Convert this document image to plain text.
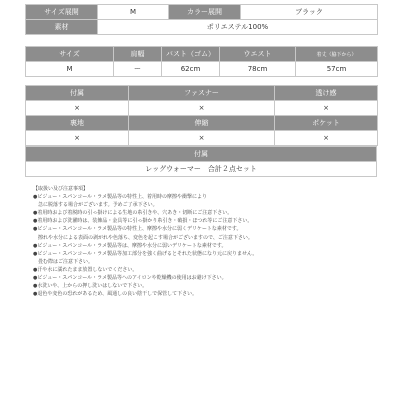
サイズ展開	M	カラー展開	ブラック
素材	ポリエステル100%		
サイズ	肩幅	バスト（ゴム）	ウエスト	着丈（脇下から）
M	ー	62cm	78cm	57cm
付属	ファスナー	透け感
×	×	×
裏地	伸縮	ポケット
×	×	×
付属
レッグウォーマー　合計２点セット
【取扱い及び注意事項】
●ビジュー・スパンコール・ラメ製品等の特性上、着用時の摩擦や衝撃により
　急に脱落する場合がございます。予めご了承下さい。
●着用時および着脱時の引っ掛けによる生地の糸引きや、穴あき・切断にご注意下さい。
●着用時および洗濯時は、装飾品・金具等に引っ掛かり糸引き・破損・ほつれ等にご注意下さい。
●ビジュー・スパンコール・ラメ製品等の特性上、摩擦や水分に弱くデリケートな素材です。
　擦れや水分による表面の剥がれや色落ち、変色を起こす場合がございますので、ご注意下さい。
●ビジュー・スパンコール・ラメ製品等は、摩擦や水分に弱いデリケートな素材です。
●ビジュー・スパンコール・ラメ製品等加工部分を強く曲げるとそれた状態になり元に戻りません。
　畳む際はご注意下さい。
●汗や水に濡れたまま放置しないでください。
●ビジュー・スパンコール・ラメ製品等へのアイロンや乾燥機の使用はお避け下さい。
●水洗いや、上からの押し洗いはしないで下さい。
●退色や変色の恐れがあるため、風通しの良い陰干しで保管して下さい。
